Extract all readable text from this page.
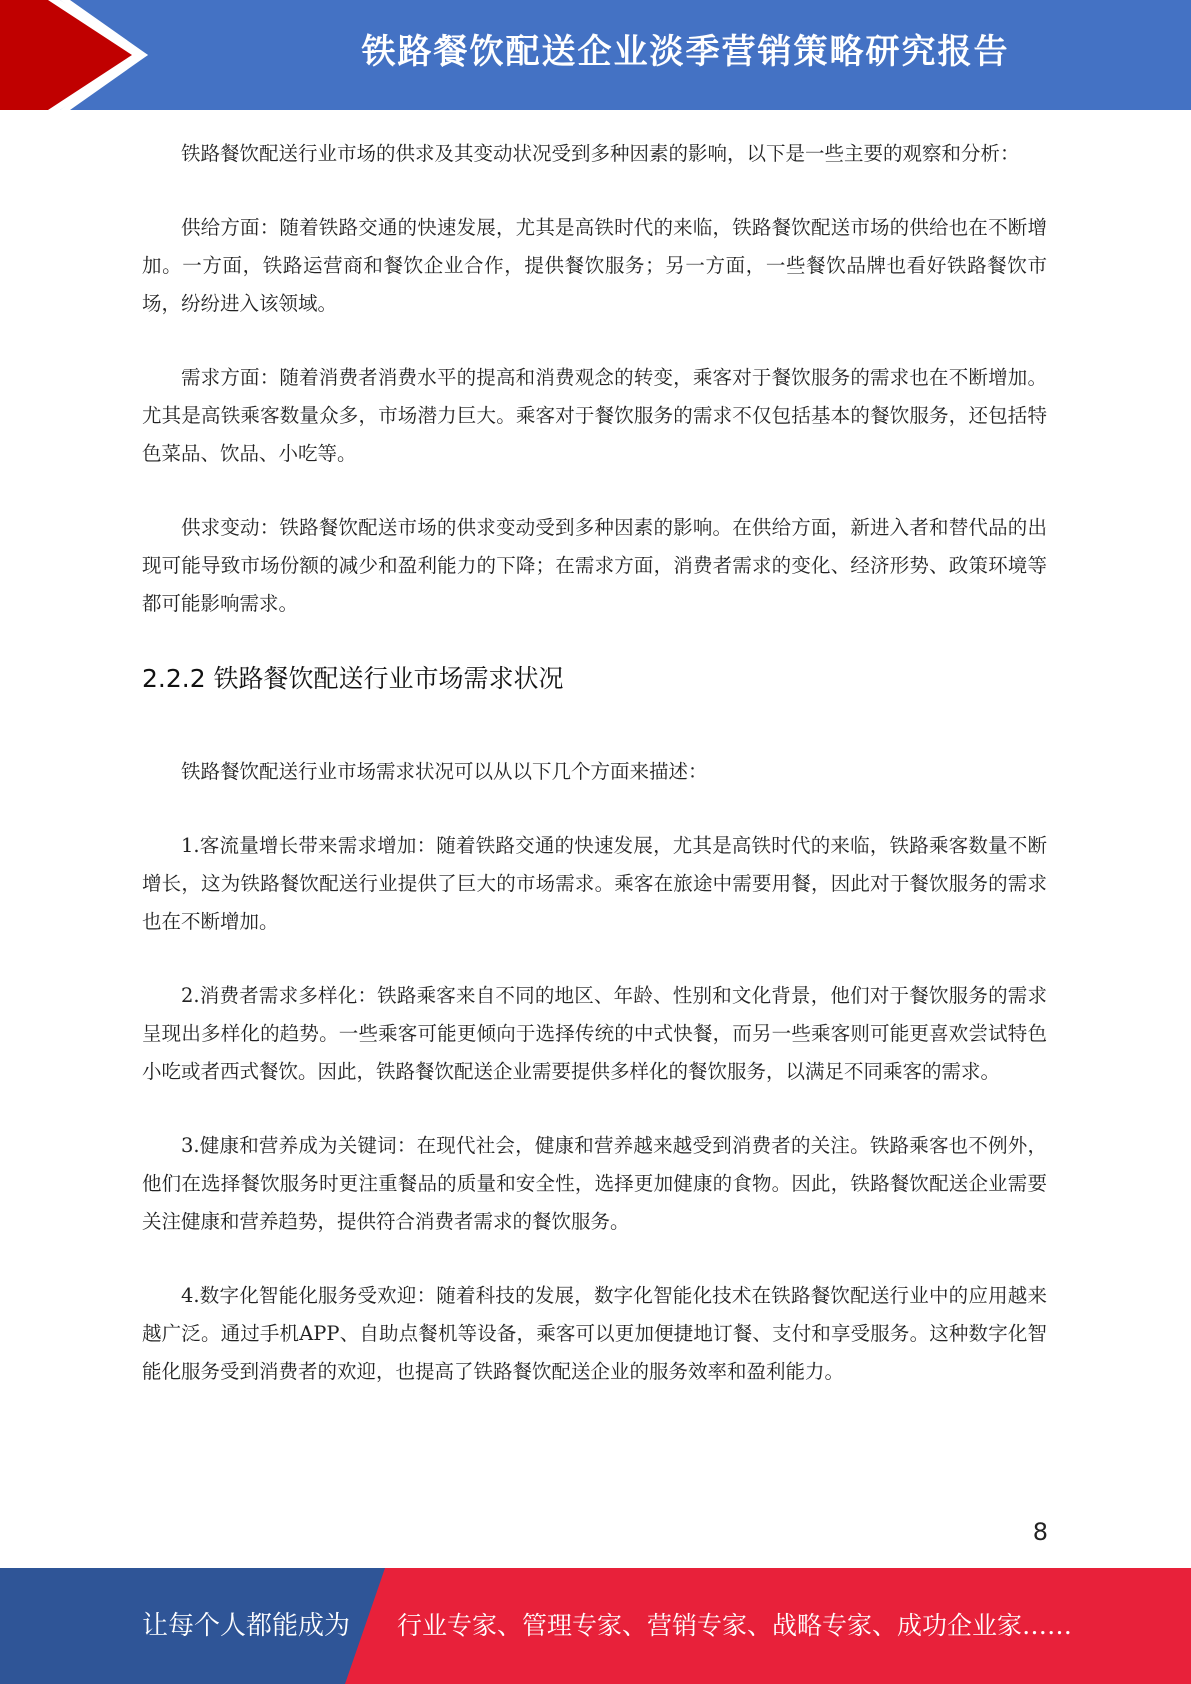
铁路餐饮配送企业淡季营销策略研究报告

铁路餐饮配送行业市场的供求及其变动状况受到多种因素的影响，以下是一些主要的观察和分析：

供给方面：随着铁路交通的快速发展，尤其是高铁时代的来临，铁路餐饮配送市场的供给也在不断增加。一方面，铁路运营商和餐饮企业合作，提供餐饮服务；另一方面，一些餐饮品牌也看好铁路餐饮市场，纷纷进入该领域。

需求方面：随着消费者消费水平的提高和消费观念的转变，乘客对于餐饮服务的需求也在不断增加。尤其是高铁乘客数量众多，市场潜力巨大。乘客对于餐饮服务的需求不仅包括基本的餐饮服务，还包括特色菜品、饮品、小吃等。

供求变动：铁路餐饮配送市场的供求变动受到多种因素的影响。在供给方面，新进入者和替代品的出现可能导致市场份额的减少和盈利能力的下降；在需求方面，消费者需求的变化、经济形势、政策环境等都可能影响需求。

2.2.2 铁路餐饮配送行业市场需求状况

铁路餐饮配送行业市场需求状况可以从以下几个方面来描述：

1.客流量增长带来需求增加：随着铁路交通的快速发展，尤其是高铁时代的来临，铁路乘客数量不断增长，这为铁路餐饮配送行业提供了巨大的市场需求。乘客在旅途中需要用餐，因此对于餐饮服务的需求也在不断增加。

2.消费者需求多样化：铁路乘客来自不同的地区、年龄、性别和文化背景，他们对于餐饮服务的需求呈现出多样化的趋势。一些乘客可能更倾向于选择传统的中式快餐，而另一些乘客则可能更喜欢尝试特色小吃或者西式餐饮。因此，铁路餐饮配送企业需要提供多样化的餐饮服务，以满足不同乘客的需求。

3.健康和营养成为关键词：在现代社会，健康和营养越来越受到消费者的关注。铁路乘客也不例外，他们在选择餐饮服务时更注重餐品的质量和安全性，选择更加健康的食物。因此，铁路餐饮配送企业需要关注健康和营养趋势，提供符合消费者需求的餐饮服务。

4.数字化智能化服务受欢迎：随着科技的发展，数字化智能化技术在铁路餐饮配送行业中的应用越来越广泛。通过手机APP、自助点餐机等设备，乘客可以更加便捷地订餐、支付和享受服务。这种数字化智能化服务受到消费者的欢迎，也提高了铁路餐饮配送企业的服务效率和盈利能力。

8
让每个人都能成为 行业专家、管理专家、营销专家、战略专家、成功企业家……
